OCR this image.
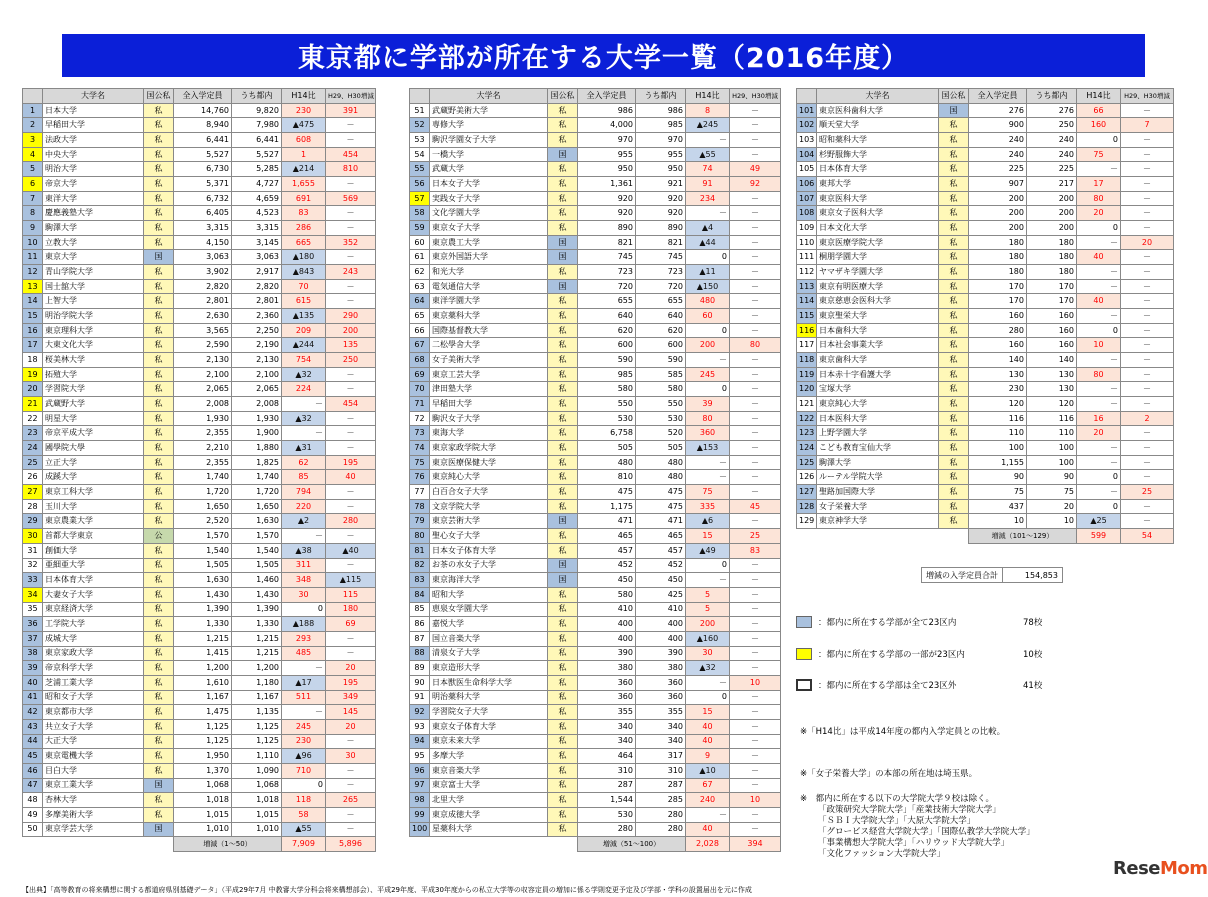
東京都に学部が所在する大学一覧（2016年度）
	大学名	国公私	全入学定員	うち都内	H14比	H29、H30増減
1	日本大学	私	14,760	9,820	230	391
2	早稲田大学	私	8,940	7,980	▲475	－
3	法政大学	私	6,441	6,441	608	－
4	中央大学	私	5,527	5,527	1	454
5	明治大学	私	6,730	5,285	▲214	810
6	帝京大学	私	5,371	4,727	1,655	－
7	東洋大学	私	6,732	4,659	691	569
8	慶應義塾大学	私	6,405	4,523	83	－
9	駒澤大学	私	3,315	3,315	286	－
10	立教大学	私	4,150	3,145	665	352
11	東京大学	国	3,063	3,063	▲180	－
12	青山学院大学	私	3,902	2,917	▲843	243
13	国士舘大学	私	2,820	2,820	70	－
14	上智大学	私	2,801	2,801	615	－
15	明治学院大学	私	2,630	2,360	▲135	290
16	東京理科大学	私	3,565	2,250	209	200
17	大東文化大学	私	2,590	2,190	▲244	135
18	桜美林大学	私	2,130	2,130	754	250
19	拓殖大学	私	2,100	2,100	▲32	－
20	学習院大学	私	2,065	2,065	224	－
21	武蔵野大学	私	2,008	2,008	－	454
22	明星大学	私	1,930	1,930	▲32	－
23	帝京平成大学	私	2,355	1,900	－	－
24	國學院大學	私	2,210	1,880	▲31	－
25	立正大学	私	2,355	1,825	62	195
26	成蹊大学	私	1,740	1,740	85	40
27	東京工科大学	私	1,720	1,720	794	－
28	玉川大学	私	1,650	1,650	220	－
29	東京農業大学	私	2,520	1,630	▲2	280
30	首都大学東京	公	1,570	1,570	－	－
31	創価大学	私	1,540	1,540	▲38	▲40
32	亜細亜大学	私	1,505	1,505	311	－
33	日本体育大学	私	1,630	1,460	348	▲115
34	大妻女子大学	私	1,430	1,430	30	115
35	東京経済大学	私	1,390	1,390	0	180
36	工学院大学	私	1,330	1,330	▲188	69
37	成城大学	私	1,215	1,215	293	－
38	東京家政大学	私	1,415	1,215	485	－
39	帝京科学大学	私	1,200	1,200	－	20
40	芝浦工業大学	私	1,610	1,180	▲17	195
41	昭和女子大学	私	1,167	1,167	511	349
42	東京都市大学	私	1,475	1,135	－	145
43	共立女子大学	私	1,125	1,125	245	20
44	大正大学	私	1,125	1,125	230	－
45	東京電機大学	私	1,950	1,110	▲96	30
46	目白大学	私	1,370	1,090	710	－
47	東京工業大学	国	1,068	1,068	0	－
48	杏林大学	私	1,018	1,018	118	265
49	多摩美術大学	私	1,015	1,015	58	－
50	東京学芸大学	国	1,010	1,010	▲55	－
			増減（1～50）		7,909	5,896
	大学名	国公私	全入学定員	うち都内	H14比	H29、H30増減
51	武蔵野美術大学	私	986	986	8	－
52	専修大学	私	4,000	985	▲245	－
53	駒沢学園女子大学	私	970	970	－	－
54	一橋大学	国	955	955	▲55	－
55	武蔵大学	私	950	950	74	49
56	日本女子大学	私	1,361	921	91	92
57	実践女子大学	私	920	920	234	－
58	文化学園大学	私	920	920	－	－
59	東京女子大学	私	890	890	▲4	－
60	東京農工大学	国	821	821	▲44	－
61	東京外国語大学	国	745	745	0	－
62	和光大学	私	723	723	▲11	－
63	電気通信大学	国	720	720	▲150	－
64	東洋学園大学	私	655	655	480	－
65	東京薬科大学	私	640	640	60	－
66	国際基督教大学	私	620	620	0	－
67	二松學舍大学	私	600	600	200	80
68	女子美術大学	私	590	590	－	－
69	東京工芸大学	私	985	585	245	－
70	津田塾大学	私	580	580	0	－
71	早稲田大学	私	550	550	39	－
72	駒沢女子大学	私	530	530	80	－
73	東海大学	私	6,758	520	360	－
74	東京家政学院大学	私	505	505	▲153	－
75	東京医療保健大学	私	480	480	－	－
76	東京純心大学	私	810	480	－	－
77	白百合女子大学	私	475	475	75	－
78	文京学院大学	私	1,175	475	335	45
79	東京芸術大学	国	471	471	▲6	－
80	聖心女子大学	私	465	465	15	25
81	日本女子体育大学	私	457	457	▲49	83
82	お茶の水女子大学	国	452	452	0	－
83	東京海洋大学	国	450	450	－	－
84	昭和大学	私	580	425	5	－
85	恵泉女学園大学	私	410	410	5	－
86	嘉悦大学	私	400	400	200	－
87	国立音楽大学	私	400	400	▲160	－
88	清泉女子大学	私	390	390	30	－
89	東京造形大学	私	380	380	▲32	－
90	日本獣医生命科学大学	私	360	360	－	10
91	明治薬科大学	私	360	360	0	－
92	学習院女子大学	私	355	355	15	－
93	東京女子体育大学	私	340	340	40	－
94	東京未来大学	私	340	340	40	－
95	多摩大学	私	464	317	9	－
96	東京音楽大学	私	310	310	▲10	－
97	東京富士大学	私	287	287	67	－
98	北里大学	私	1,544	285	240	10
99	東京成徳大学	私	530	280	－	－
100	星薬科大学	私	280	280	40	－
			増減（51～100）		2,028	394
	大学名	国公私	全入学定員	うち都内	H14比	H29、H30増減
101	東京医科歯科大学	国	276	276	66	－
102	順天堂大学	私	900	250	160	7
103	昭和薬科大学	私	240	240	0	－
104	杉野服飾大学	私	240	240	75	－
105	日本体育大学	私	225	225	－	－
106	東邦大学	私	907	217	17	－
107	東京医科大学	私	200	200	80	－
108	東京女子医科大学	私	200	200	20	－
109	日本文化大学	私	200	200	0	－
110	東京医療学院大学	私	180	180	－	20
111	桐朋学園大学	私	180	180	40	－
112	ヤマザキ学園大学	私	180	180	－	－
113	東京有明医療大学	私	170	170	－	－
114	東京慈恵会医科大学	私	170	170	40	－
115	東京聖栄大学	私	160	160	－	－
116	日本歯科大学	私	280	160	0	－
117	日本社会事業大学	私	160	160	10	－
118	東京歯科大学	私	140	140	－	－
119	日本赤十字看護大学	私	130	130	80	－
120	宝塚大学	私	230	130	－	－
121	東京純心大学	私	120	120	－	－
122	日本医科大学	私	116	116	16	2
123	上野学園大学	私	110	110	20	－
124	こども教育宝仙大学	私	100	100	－	－
125	駒澤大学	私	1,155	100	－	－
126	ルーテル学院大学	私	90	90	0	－
127	聖路加国際大学	私	75	75	－	25
128	女子栄養大学	私	437	20	0	－
129	東京神学大学	私	10	10	▲25	－
			増減（101～129）		599	54
増減の入学定員合計	154,853
：都内に所在する学部が全て23区内	78校
：都内に所在する学部の一部が23区内	10校
：都内に所在する学部は全て23区外	41校
※「H14比」は平成14年度の都内入学定員との比較。
※「女子栄養大学」の本部の所在地は埼玉県。
※　都内に所在する以下の大学院大学９校は除く。
「政策研究大学院大学」「産業技術大学院大学」
「ＳＢＩ大学院大学」「大原大学院大学」
「グロービス経営大学院大学」「国際仏教学大学院大学」
「事業構想大学院大学」「ハリウッド大学院大学」
「文化ファッション大学院大学」
【出典】「高等教育の将来構想に関する都道府県別基礎データ」（平成29年7月 中教審大学分科会将来構想部会）、平成29年度、平成30年度からの私立大学等の収容定員の増加に係る学則変更予定及び学部・学科の設置届出を元に作成
ReseMom
